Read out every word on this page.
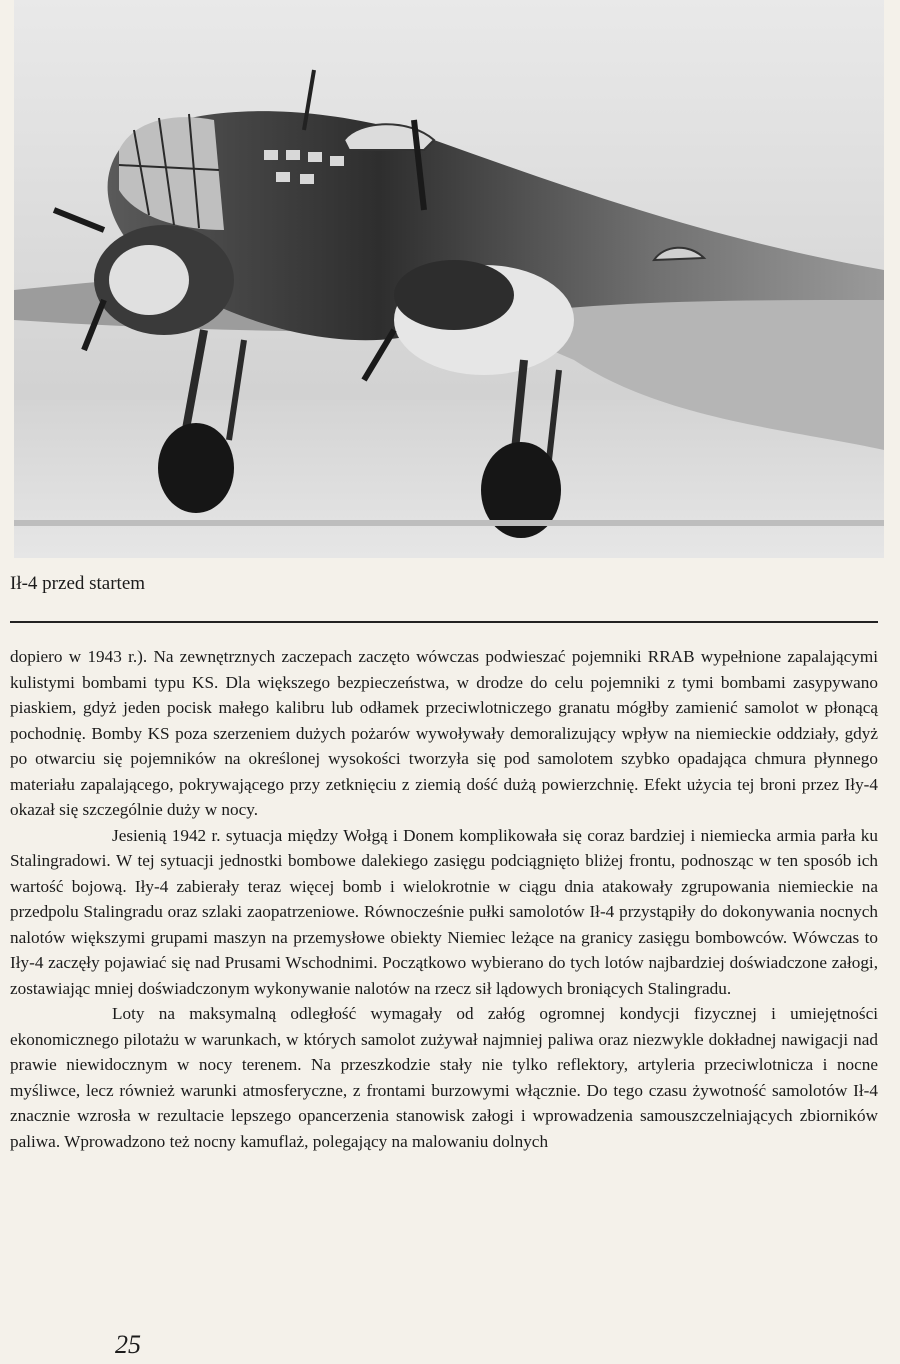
Ił-4 przed startem

dopiero w 1943 r.). Na zewnętrznych zaczepach zaczęto wówczas podwieszać pojemniki RRAB wypełnione zapalającymi kulistymi bombami typu KS. Dla większego bezpieczeństwa, w drodze do celu pojemniki z tymi bombami zasypywano piaskiem, gdyż jeden pocisk małego kalibru lub odłamek przeciwlotniczego granatu mógłby zamienić samolot w płonącą pochodnię. Bomby KS poza szerzeniem dużych pożarów wywoływały demoralizujący wpływ na niemieckie oddziały, gdyż po otwarciu się pojemników na określonej wysokości tworzyła się pod samolotem szybko opadająca chmura płynnego materiału zapalającego, pokrywającego przy zetknięciu z ziemią dość dużą powierzchnię. Efekt użycia tej broni przez Iły-4 okazał się szczególnie duży w nocy.

Jesienią 1942 r. sytuacja między Wołgą i Donem komplikowała się coraz bardziej i niemiecka armia parła ku Stalingradowi. W tej sytuacji jednostki bombowe dalekiego zasięgu podciągnięto bliżej frontu, podnosząc w ten sposób ich wartość bojową. Iły-4 zabierały teraz więcej bomb i wielokrotnie w ciągu dnia atakowały zgrupowania niemieckie na przedpolu Stalingradu oraz szlaki zaopatrzeniowe. Równocześnie pułki samolotów Ił-4 przystąpiły do dokonywania nocnych nalotów większymi grupami maszyn na przemysłowe obiekty Niemiec leżące na granicy zasięgu bombowców. Wówczas to Iły-4 zaczęły pojawiać się nad Prusami Wschodnimi. Początkowo wybierano do tych lotów najbardziej doświadczone załogi, zostawiając mniej doświadczonym wykonywanie nalotów na rzecz sił lądowych broniących Stalingradu.

Loty na maksymalną odległość wymagały od załóg ogromnej kondycji fizycznej i umiejętności ekonomicznego pilotażu w warunkach, w których samolot zużywał najmniej paliwa oraz niezwykle dokładnej nawigacji nad prawie niewidocznym w nocy terenem. Na przeszkodzie stały nie tylko reflektory, artyleria przeciwlotnicza i nocne myśliwce, lecz również warunki atmosferyczne, z frontami burzowymi włącznie. Do tego czasu żywotność samolotów Ił-4 znacznie wzrosła w rezultacie lepszego opancerzenia stanowisk załogi i wprowadzenia samouszczelniających zbiorników paliwa. Wprowadzono też nocny kamuflaż, polegający na malowaniu dolnych

25
